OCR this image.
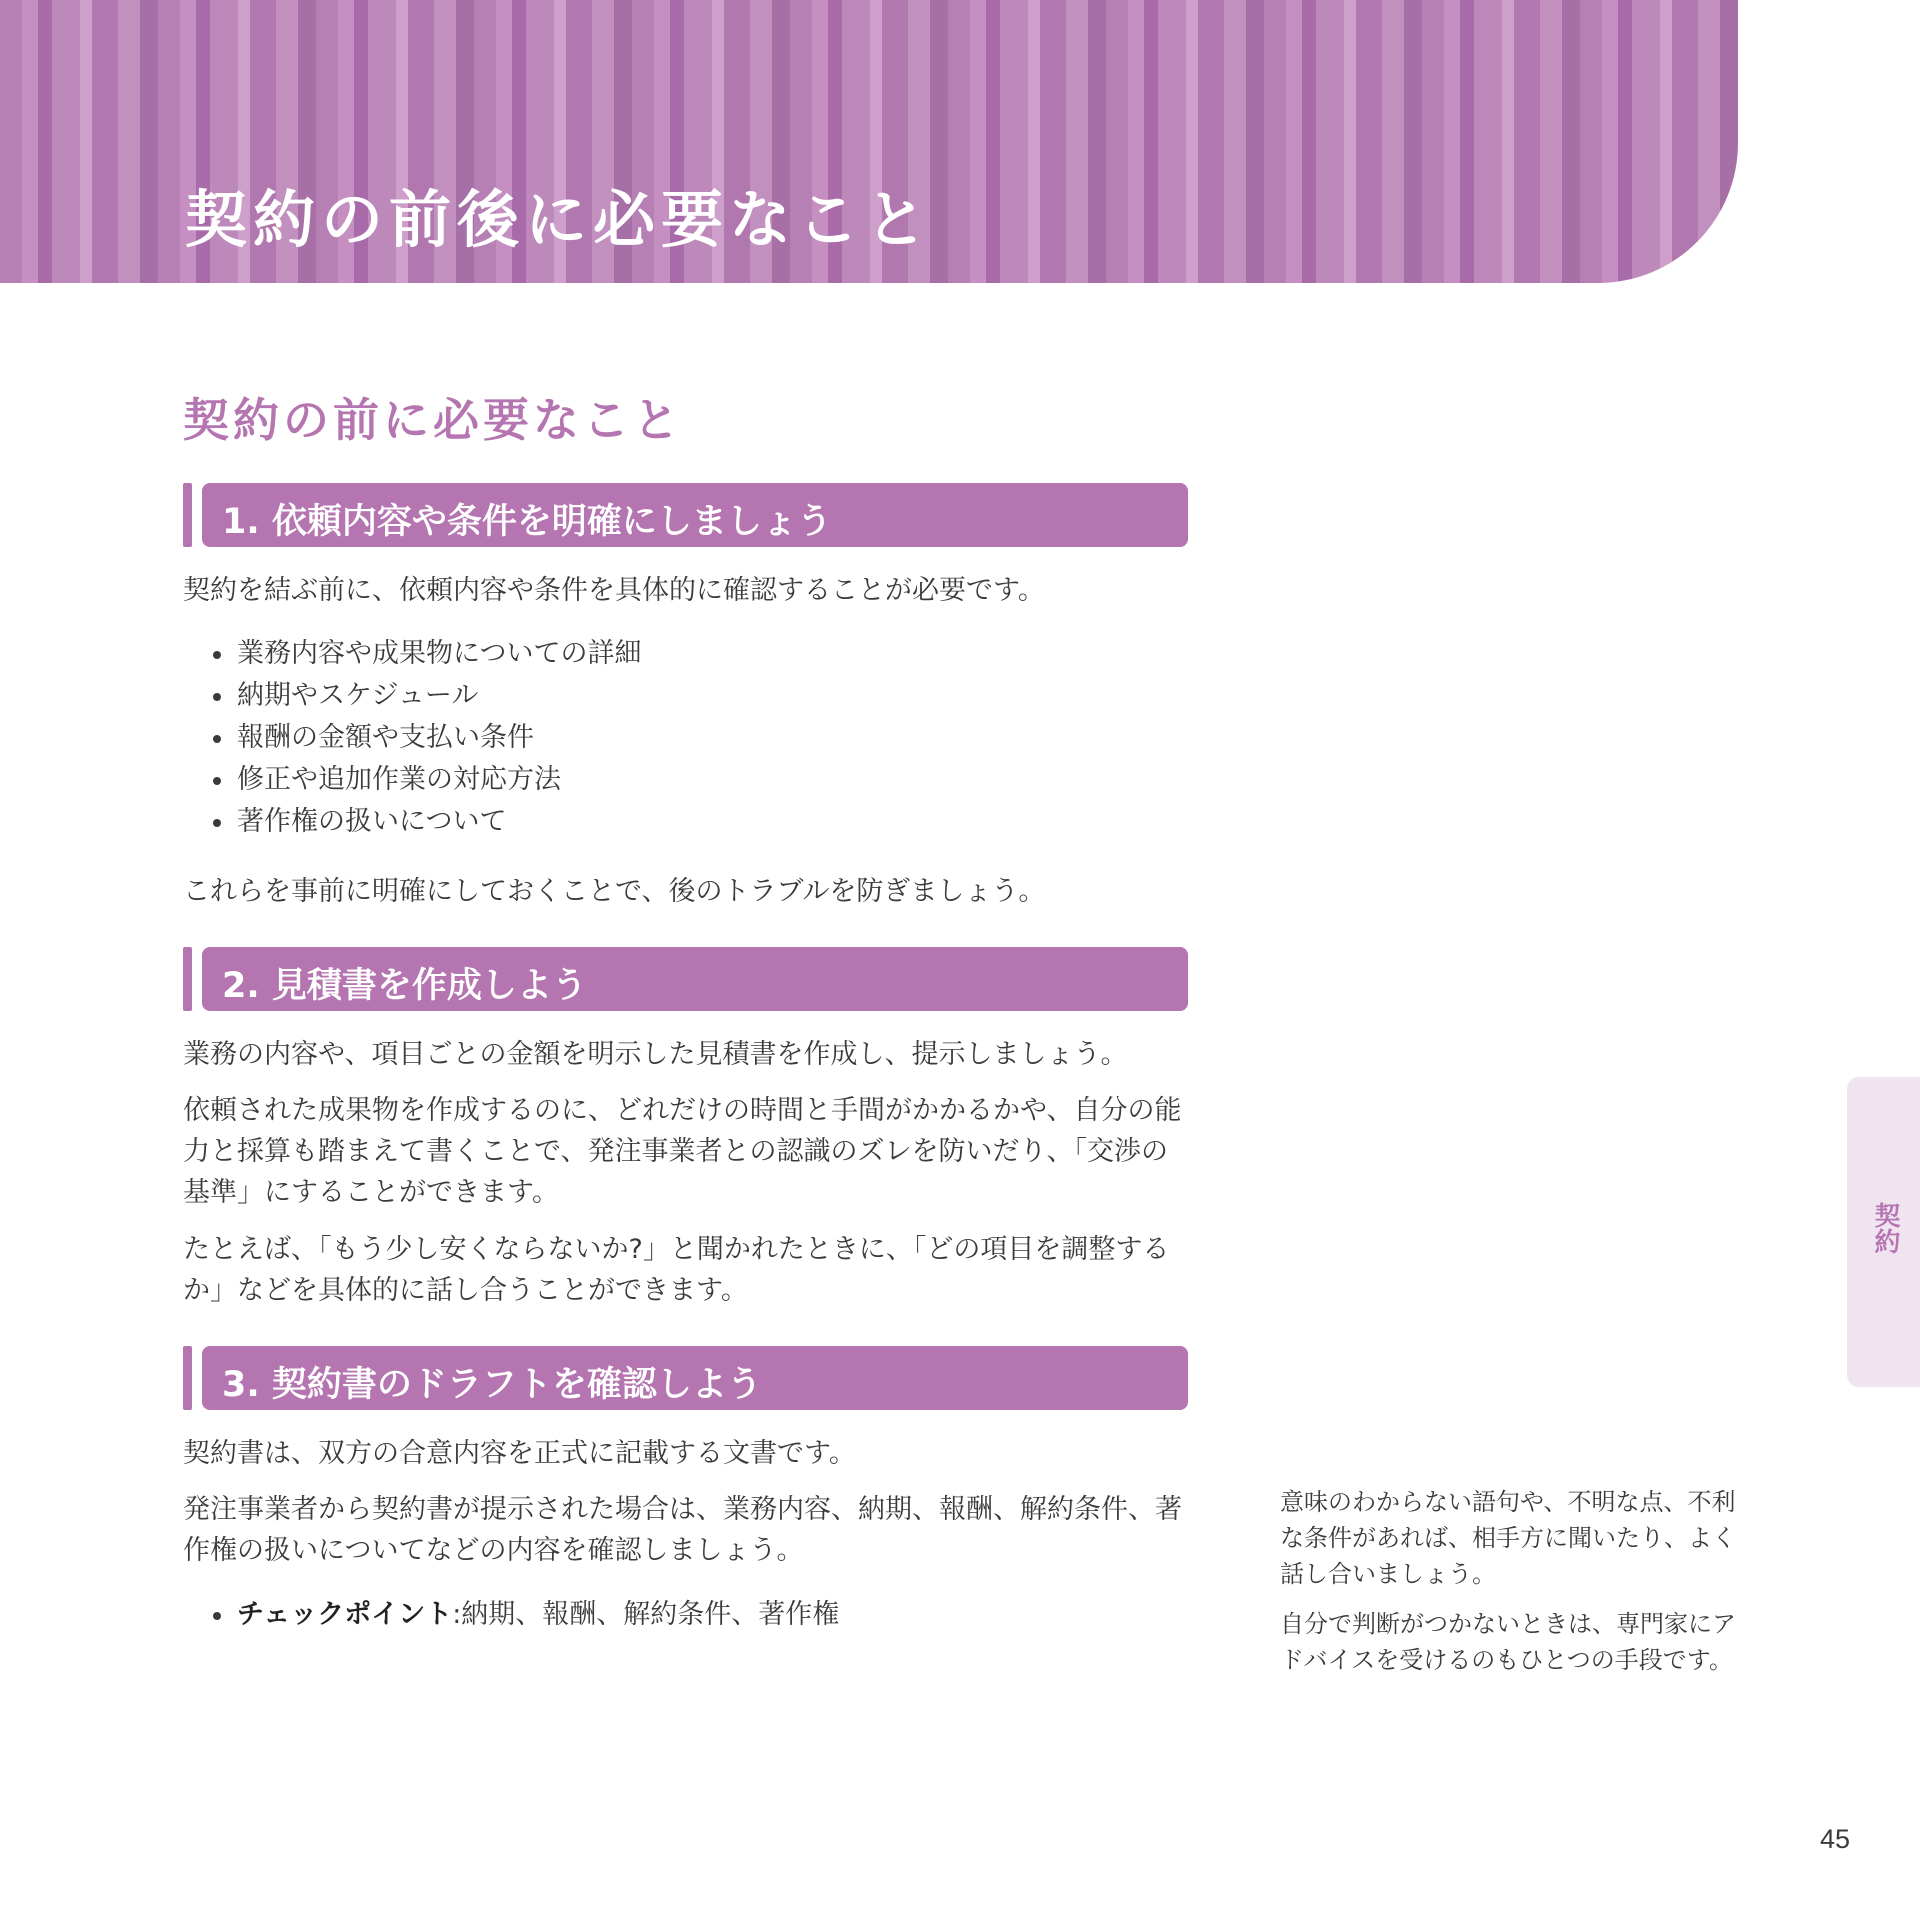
契約の前後に必要なこと
契約の前に必要なこと
1. 依頼内容や条件を明確にしましょう
契約を結ぶ前に、依頼内容や条件を具体的に確認することが必要です。
業務内容や成果物についての詳細
納期やスケジュール
報酬の金額や支払い条件
修正や追加作業の対応方法
著作権の扱いについて
これらを事前に明確にしておくことで、後のトラブルを防ぎましょう。
2. 見積書を作成しよう
業務の内容や、項目ごとの金額を明示した見積書を作成し、提示しましょう。
依頼された成果物を作成するのに、どれだけの時間と手間がかかるかや、自分の能力と採算も踏まえて書くことで、発注事業者との認識のズレを防いだり、「交渉の基準」にすることができます。
たとえば、「もう少し安くならないか?」と聞かれたときに、「どの項目を調整するか」などを具体的に話し合うことができます。
3. 契約書のドラフトを確認しよう
契約書は、双方の合意内容を正式に記載する文書です。
発注事業者から契約書が提示された場合は、業務内容、納期、報酬、解約条件、著作権の扱いについてなどの内容を確認しましょう。
チェックポイント:納期、報酬、解約条件、著作権
意味のわからない語句や、不明な点、不利な条件があれば、相手方に聞いたり、よく話し合いましょう。
自分で判断がつかないときは、専門家にアドバイスを受けるのもひとつの手段です。
契約
45
